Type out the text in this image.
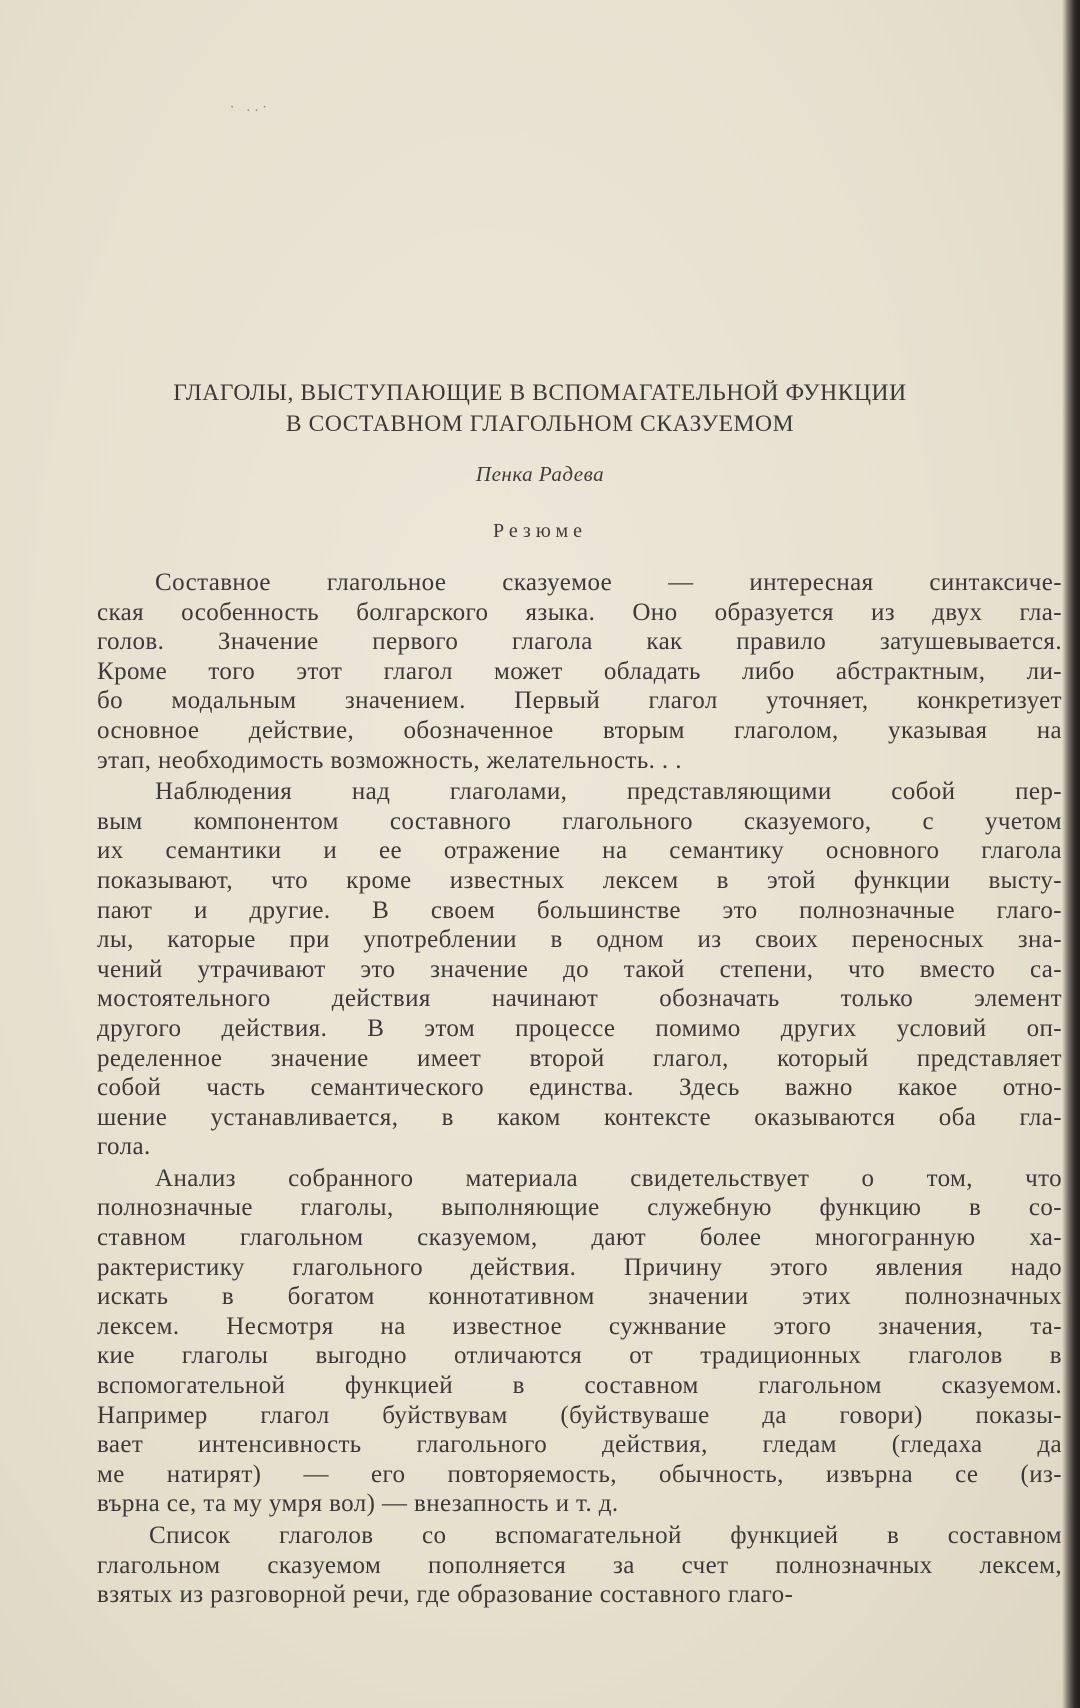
· ..·
ГЛАГОЛЫ, ВЫСТУПАЮЩИЕ В ВСПОМАГАТЕЛЬНОЙ ФУНКЦИИ
В СОСТАВНОМ ГЛАГОЛЬНОМ СКАЗУЕМОМ
Пенка Радева
Резюме
Составное глагольное сказуемое — интересная синтаксиче-
ская особенность болгарского языка. Оно образуется из двух гла-
голов. Значение первого глагола как правило затушевывается.
Кроме того этот глагол может обладать либо абстрактным, ли-
бо модальным значением. Первый глагол уточняет, конкретизует
основное действие, обозначенное вторым глаголом, указывая на
этап, необходимость возможность, желательность. . .
Наблюдения над глаголами, представляющими собой пер-
вым компонентом составного глагольного сказуемого, с учетом
их семантики и ее отражение на семантику основного глагола
показывают, что кроме известных лексем в этой функции высту-
пают и другие. В своем большинстве это полнозначные глаго-
лы, каторые при употреблении в одном из своих переносных зна-
чений утрачивают это значение до такой степени, что вместо са-
мостоятельного действия начинают обозначать только элемент
другого действия. В этом процессе помимо других условий оп-
ределенное значение имеет второй глагол, который представляет
собой часть семантического единства. Здесь важно какое отно-
шение устанавливается, в каком контексте оказываются оба гла-
гола.
Анализ собранного материала свидетельствует о том, что
полнозначные глаголы, выполняющие служебную функцию в со-
ставном глагольном сказуемом, дают более многогранную ха-
рактеристику глагольного действия. Причину этого явления надо
искать в богатом коннотативном значении этих полнозначных
лексем. Несмотря на известное сужнвание этого значения, та-
кие глаголы выгодно отличаются от традиционных глаголов в
вспомогательной функцией в составном глагольном сказуемом.
Например глагол буйствувам (буйствуваше да говори) показы-
вает интенсивность глагольного действия, гледам (гледаха да
ме натирят) — его повторяемость, обычность, извърна се (из-
върна се, та му умря вол) — внезапность и т. д.
Список глаголов со вспомагательной функцией в составном
глагольном сказуемом пополняется за счет полнозначных лексем,
взятых из разговорной речи, где образование составного глаго-
